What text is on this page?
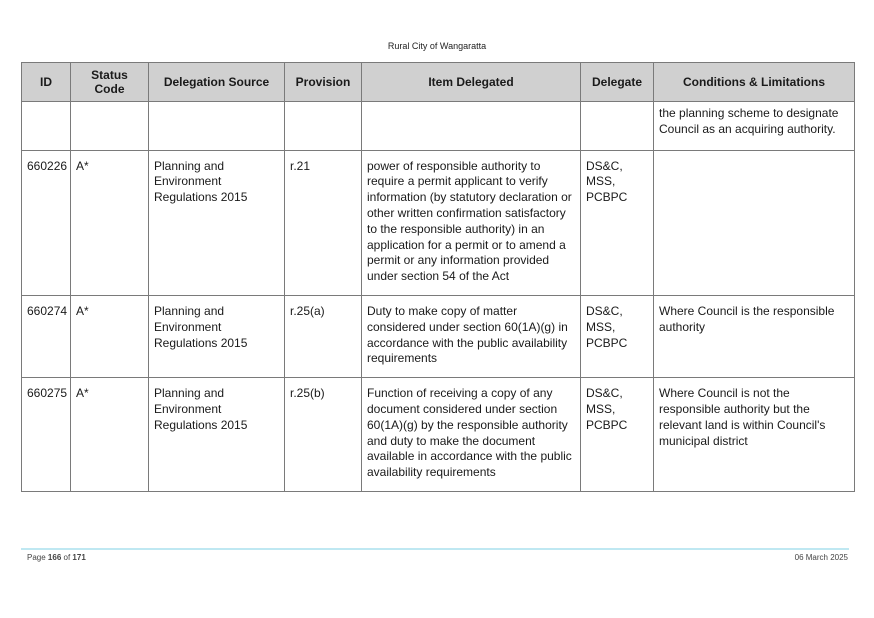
Rural City of Wangaratta
ID	Status Code	Delegation Source	Provision	Item Delegated	Delegate	Conditions & Limitations
						the planning scheme to designate Council as an acquiring authority.
660226	A*	Planning and Environment Regulations 2015	r.21	power of responsible authority to require a permit applicant to verify information (by statutory declaration or other written confirmation satisfactory to the responsible authority) in an application for a permit or to amend a permit or any information provided under section 54 of the Act	DS&C, MSS, PCBPC	
660274	A*	Planning and Environment Regulations 2015	r.25(a)	Duty to make copy of matter considered under section 60(1A)(g) in accordance with the public availability requirements	DS&C, MSS, PCBPC	Where Council is the responsible authority
660275	A*	Planning and Environment Regulations 2015	r.25(b)	Function of receiving a copy of any document considered under section 60(1A)(g) by the responsible authority and duty to make the document available in accordance with the public availability requirements	DS&C, MSS, PCBPC	Where Council is not the responsible authority but the relevant land is within Council's municipal district
Page 166 of 171	06 March 2025
